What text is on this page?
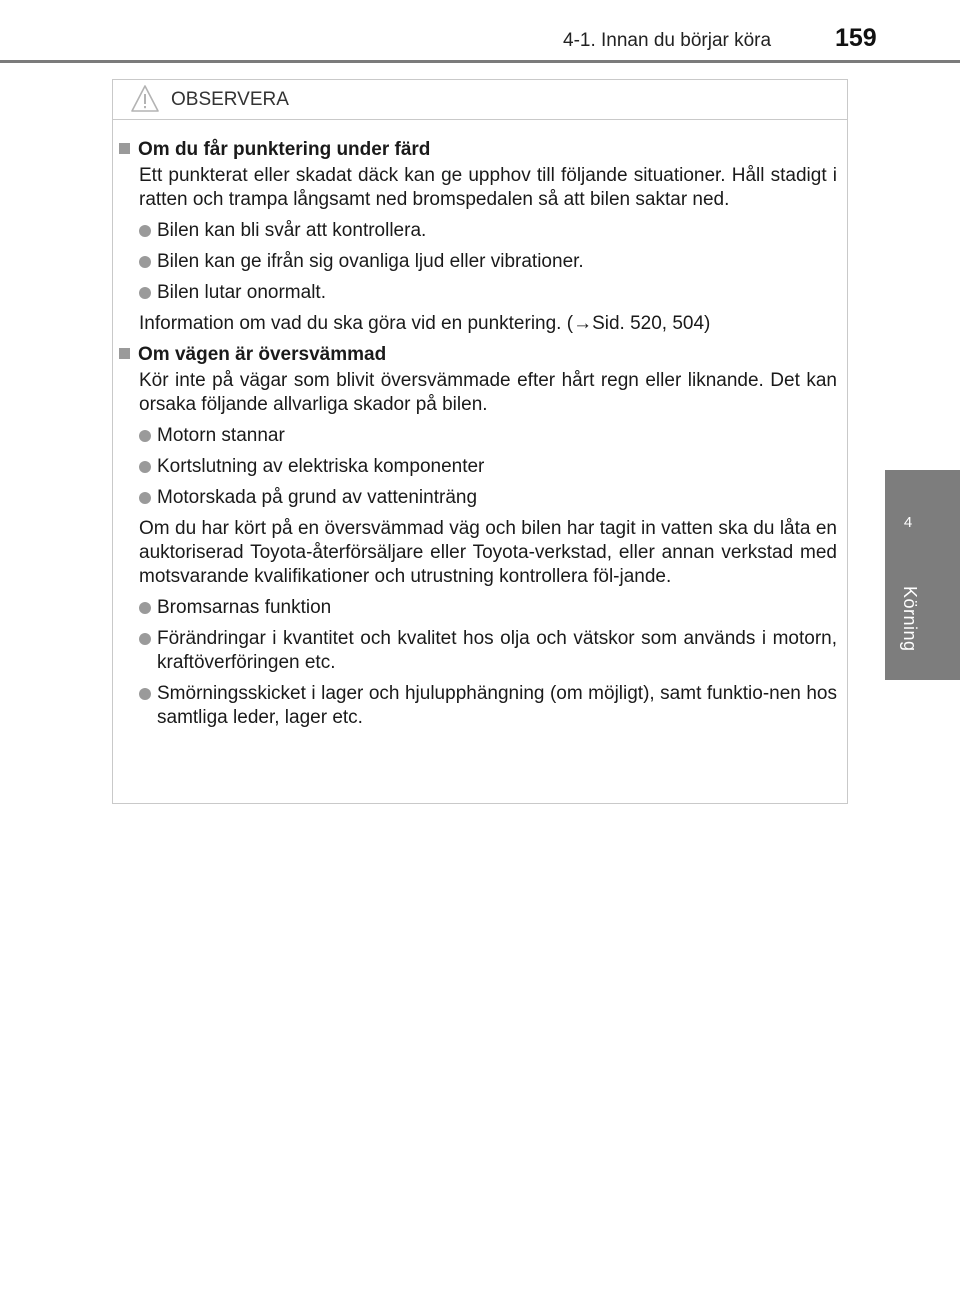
4-1. Innan du börjar köra	159
4
Körning
OBSERVERA
Om du får punktering under färd

Ett punkterat eller skadat däck kan ge upphov till följande situationer. Håll stadigt i ratten och trampa långsamt ned bromspedalen så att bilen saktar ned.

Bilen kan bli svår att kontrollera.

Bilen kan ge ifrån sig ovanliga ljud eller vibrationer.

Bilen lutar onormalt.

Information om vad du ska göra vid en punktering. (→Sid. 520, 504)

Om vägen är översvämmad

Kör inte på vägar som blivit översvämmade efter hårt regn eller liknande. Det kan orsaka följande allvarliga skador på bilen.

Motorn stannar

Kortslutning av elektriska komponenter

Motorskada på grund av vatteninträng

Om du har kört på en översvämmad väg och bilen har tagit in vatten ska du låta en auktoriserad Toyota-återförsäljare eller Toyota-verkstad, eller annan verkstad med motsvarande kvalifikationer och utrustning kontrollera föl-jande.

Bromsarnas funktion

Förändringar i kvantitet och kvalitet hos olja och vätskor som används i motorn, kraftöverföringen etc.

Smörningsskicket i lager och hjulupphängning (om möjligt), samt funktio-nen hos samtliga leder, lager etc.
